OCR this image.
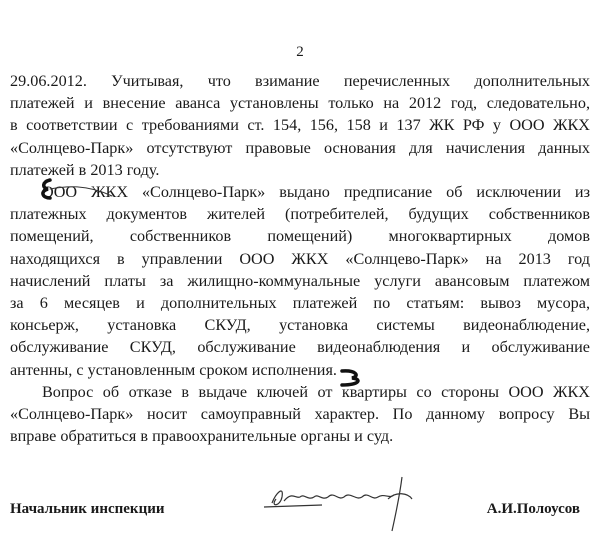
2

29.06.2012. Учитывая, что взимание перечисленных дополнительных
платежей и внесение аванса установлены только на 2012 год, следовательно,
в соответствии с требованиями ст. 154, 156, 158 и 137 ЖК РФ у ООО ЖКХ
«Солнцево-Парк» отсутствуют правовые основания для начисления данных
платежей в 2013 году.

ООО ЖКХ «Солнцево-Парк» выдано предписание об исключении из
платежных документов жителей (потребителей, будущих собственников
помещений, собственников помещений) многоквартирных домов
находящихся в управлении ООО ЖКХ «Солнцево-Парк» на 2013 год
начислений платы за жилищно-коммунальные услуги авансовым платежом
за 6 месяцев и дополнительных платежей по статьям: вывоз мусора,
консьерж, установка СКУД, установка системы видеонаблюдение,
обслуживание СКУД, обслуживание видеонаблюдения и обслуживание
антенны, с установленным сроком исполнения.

Вопрос об отказе в выдаче ключей от квартиры со стороны ООО ЖКХ
«Солнцево-Парк» носит самоуправный характер. По данному вопросу Вы
вправе обратиться в правоохранительные органы и суд.

Начальник инспекции	А.И.Полоусов
